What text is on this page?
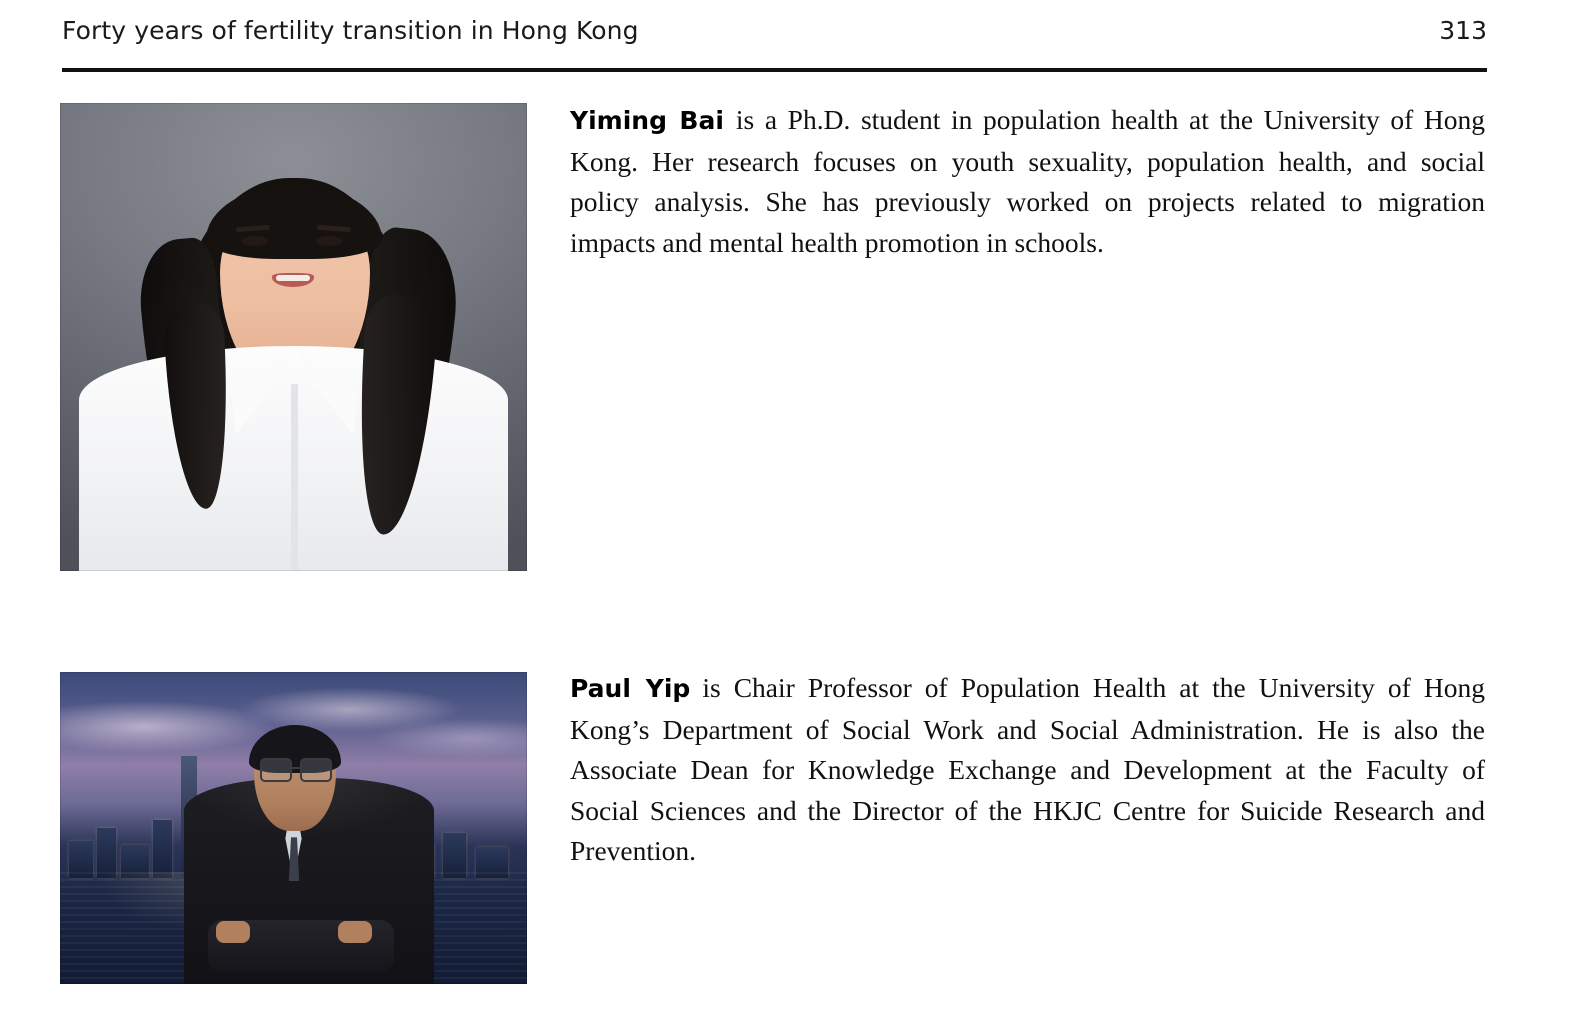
Forty years of fertility transition in Hong Kong	313
Yiming Bai is a Ph.D. student in population health at the University of Hong Kong. Her research focuses on youth sexuality, population health, and social policy analysis. She has previously worked on projects related to migration impacts and mental health promotion in schools.
Paul Yip is Chair Professor of Population Health at the University of Hong Kong’s Department of Social Work and Social Administration. He is also the Associate Dean for Knowledge Exchange and Development at the Faculty of Social Sciences and the Director of the HKJC Centre for Suicide Research and Prevention.
